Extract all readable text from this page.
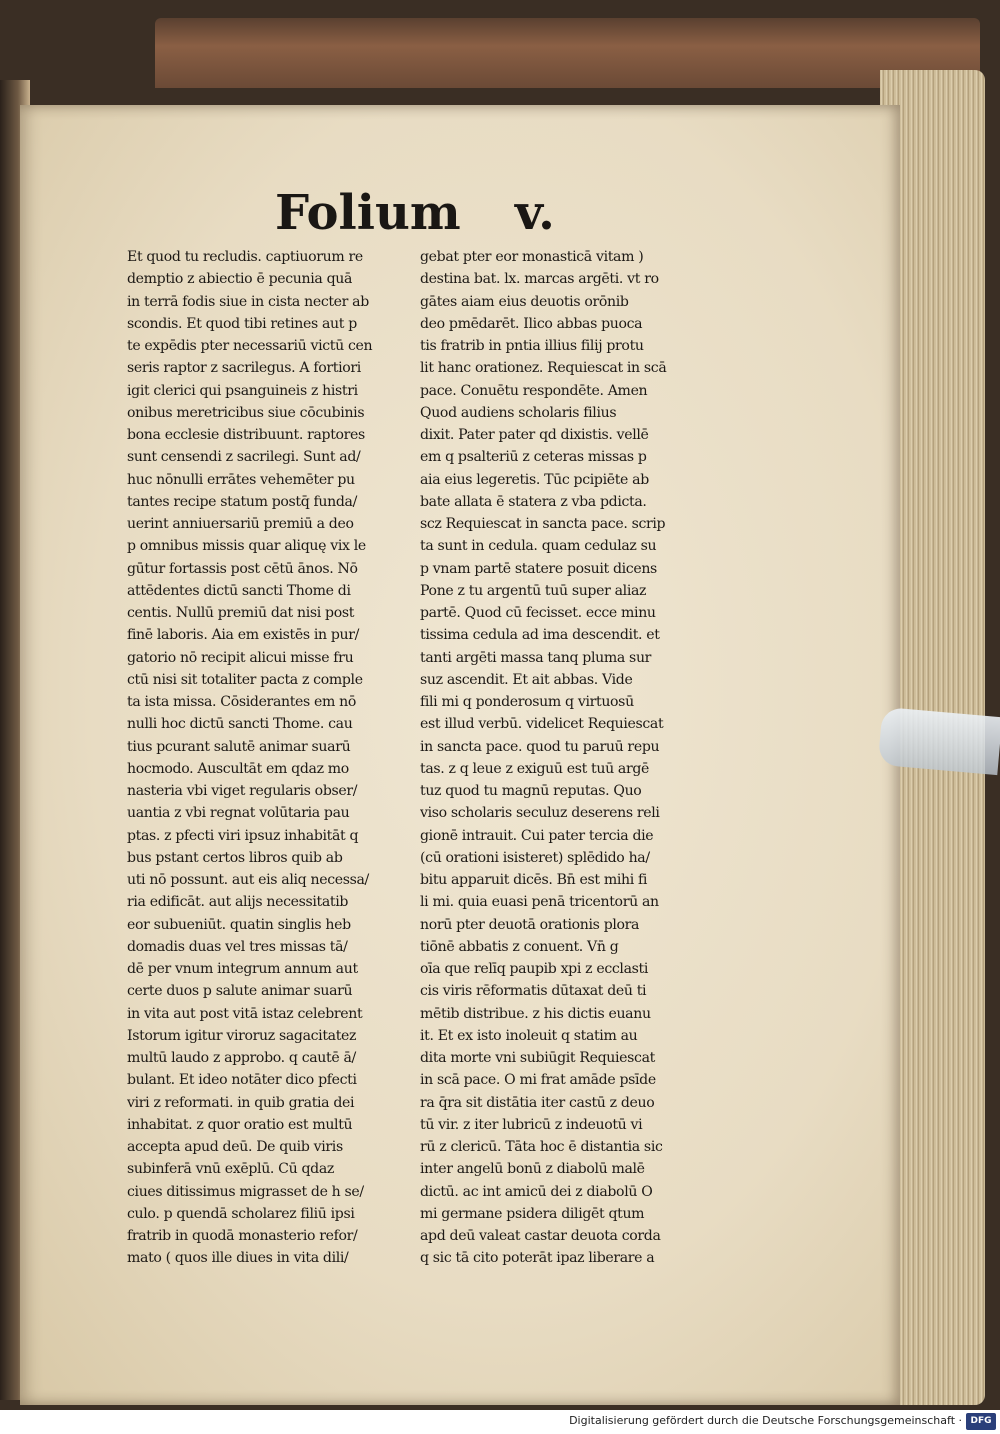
Folium v.
Et quod tu recludis. captiuorum re
demptio z abiectio ē pecunia quā
in terrā fodis siue in cista necter ab
scondis. Et quod tibi retines aut p
te expēdis pter necessariū victū cen
seris raptor z sacrilegus. A fortiori
igit clerici qui psanguineis z histri
onibus meretricibus siue cōcubinis
bona ecclesie distribuunt. raptores
sunt censendi z sacrilegi. Sunt ad/
huc nōnulli errātes vehemēter pu
tantes recipe statum postq̄ funda/
uerint anniuersariū premiū a deo
p omnibus missis quar aliquę vix le
gūtur fortassis post cētū ānos. Nō
attēdentes dictū sancti Thome di
centis. Nullū premiū dat nisi post
finē laboris. Aia em existēs in pur/
gatorio nō recipit alicui misse fru
ctū nisi sit totaliter pacta z comple
ta ista missa. Cōsiderantes em nō
nulli hoc dictū sancti Thome. cau
tius pcurant salutē animar suarū
hocmodo. Auscultāt em qdaz mo
nasteria vbi viget regularis obser/
uantia z vbi regnat volūtaria pau
ptas. z pfecti viri ipsuz inhabitāt q
bus pstant certos libros quib ab
uti nō possunt. aut eis aliq necessa/
ria edificāt. aut alijs necessitatib
eor subueniūt. quatin singlis heb
domadis duas vel tres missas tā/
dē per vnum integrum annum aut
certe duos p salute animar suarū
in vita aut post vitā istaz celebrent
Istorum igitur viroruz sagacitatez
multū laudo z approbo. q cautē ā/
bulant. Et ideo notāter dico pfecti
viri z reformati. in quib gratia dei
inhabitat. z quor oratio est multū
accepta apud deū. De quib viris
subinferā vnū exēplū. Cū qdaz
ciues ditissimus migrasset de h se/
culo. p quendā scholarez filiū ipsi
fratrib in quodā monasterio refor/
mato ( quos ille diues in vita dili/
gebat pter eor monasticā vitam )
destina bat. lx. marcas argēti. vt ro
gātes aiam eius deuotis orōnib
deo pmēdarēt. Ilico abbas puoca
tis fratrib in pntia illius filij protu
lit hanc orationez. Requiescat in scā
pace. Conuētu respondēte. Amen
Quod audiens scholaris filius
dixit. Pater pater qd dixistis. vellē
em q psalteriū z ceteras missas p
aia eius legeretis. Tūc pcipiēte ab
bate allata ē statera z vba pdicta.
scz Requiescat in sancta pace. scrip
ta sunt in cedula. quam cedulaz su
p vnam partē statere posuit dicens
Pone z tu argentū tuū super aliaz
partē. Quod cū fecisset. ecce minu
tissima cedula ad ima descendit. et
tanti argēti massa tanq pluma sur
suz ascendit. Et ait abbas. Vide
fili mi q ponderosum q virtuosū
est illud verbū. videlicet Requiescat
in sancta pace. quod tu paruū repu
tas. z q leue z exiguū est tuū argē
tuz quod tu magnū reputas. Quo
viso scholaris seculuz deserens reli
gionē intrauit. Cui pater tercia die
(cū orationi isisteret) splēdido ha/
bitu apparuit dicēs. Bn̄ est mihi fi
li mi. quia euasi penā tricentorū an
norū pter deuotā orationis plora
tiōnē abbatis z conuent. Vn̄ g
oīa que relīq paupib xpi z ecclasti
cis viris rēformatis dūtaxat deū ti
mētib distribue. z his dictis euanu
it. Et ex isto inoleuit q statim au
dita morte vni subiūgit Requiescat
in scā pace. O mi frat amāde psīde
ra q̄ra sit distātia iter castū z deuo
tū vir. z iter lubricū z indeuotū vi
rū z clericū. Tāta hoc ē distantia sic
inter angelū bonū z diabolū malē
dictū. ac int amicū dei z diabolū O
mi germane psidera diligēt qtum
apd deū valeat castar deuota corda
q sic tā cito poterāt ipaz liberare a
Digitalisierung gefördert durch die Deutsche Forschungsgemeinschaft · DFG
